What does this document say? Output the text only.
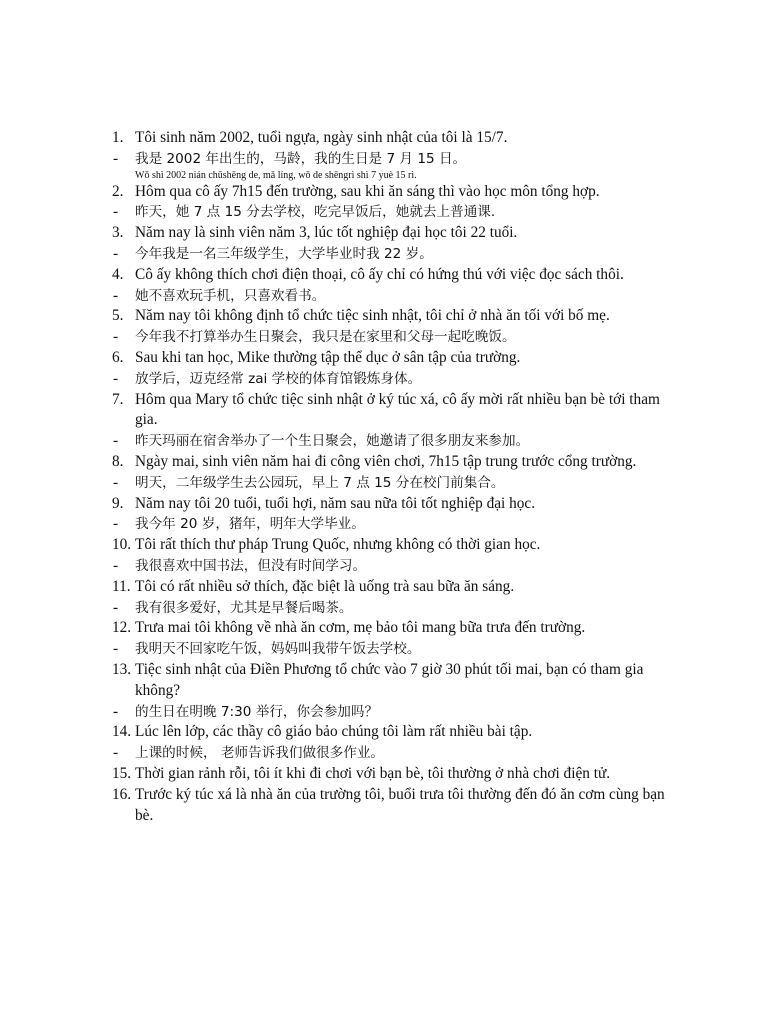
1. Tôi sinh năm 2002, tuổi ngựa, ngày sinh nhật của tôi là 15/7.
-	我是 2002 年出生的，马龄，我的生日是 7 月 15 日。
Wǒ shì 2002 nián chūshēng de, mǎ líng, wǒ de shēngrì shì 7 yuè 15 rì.
2. Hôm qua cô ấy 7h15 đến trường, sau khi ăn sáng thì vào học môn tổng hợp.
-	昨天，她 7 点 15 分去学校，吃完早饭后，她就去上普通课.
3. Năm nay là sinh viên năm 3, lúc tốt nghiệp đại học tôi 22 tuổi.
-	今年我是一名三年级学生，大学毕业时我 22 岁。
4. Cô ấy không thích chơi điện thoại, cô ấy chỉ có hứng thú với việc đọc sách thôi.
-	她不喜欢玩手机，只喜欢看书。
5. Năm nay tôi không định tổ chức tiệc sinh nhật, tôi chỉ ở nhà ăn tối với bố mẹ.
-	今年我不打算举办生日聚会，我只是在家里和父母一起吃晚饭。
6. Sau khi tan học, Mike thường tập thể dục ở sân tập của trường.
-	放学后，迈克经常 zai 学校的体育馆锻炼身体。
7. Hôm qua Mary tổ chức tiệc sinh nhật ở ký túc xá, cô ấy mời rất nhiều bạn bè tới tham gia.
-	昨天玛丽在宿舍举办了一个生日聚会，她邀请了很多朋友来参加。
8. Ngày mai, sinh viên năm hai đi công viên chơi, 7h15 tập trung trước cổng trường.
-	明天，二年级学生去公园玩，早上 7 点 15 分在校门前集合。
9. Năm nay tôi 20 tuổi, tuổi hợi, năm sau nữa tôi tốt nghiệp đại học.
-	我今年 20 岁，猪年，明年大学毕业。
10. Tôi rất thích thư pháp Trung Quốc, nhưng không có thời gian học.
-	我很喜欢中国书法，但没有时间学习。
11. Tôi có rất nhiều sở thích, đặc biệt là uống trà sau bữa ăn sáng.
-	我有很多爱好，尤其是早餐后喝茶。
12. Trưa mai tôi không về nhà ăn cơm, mẹ bảo tôi mang bữa trưa đến trường.
-	我明天不回家吃午饭，妈妈叫我带午饭去学校。
13. Tiệc sinh nhật của Điền Phương tổ chức vào 7 giờ 30 phút tối mai, bạn có tham gia không?
-	的生日在明晚 7:30 举行，你会参加吗？
14. Lúc lên lớp, các thầy cô giáo bảo chúng tôi làm rất nhiều bài tập.
-	上课的时候， 老师告诉我们做很多作业。
15. Thời gian rảnh rỗi, tôi ít khi đi chơi với bạn bè, tôi thường ở nhà chơi điện tử.
16. Trước ký túc xá là nhà ăn của trường tôi, buổi trưa tôi thường đến đó ăn cơm cùng bạn bè.
